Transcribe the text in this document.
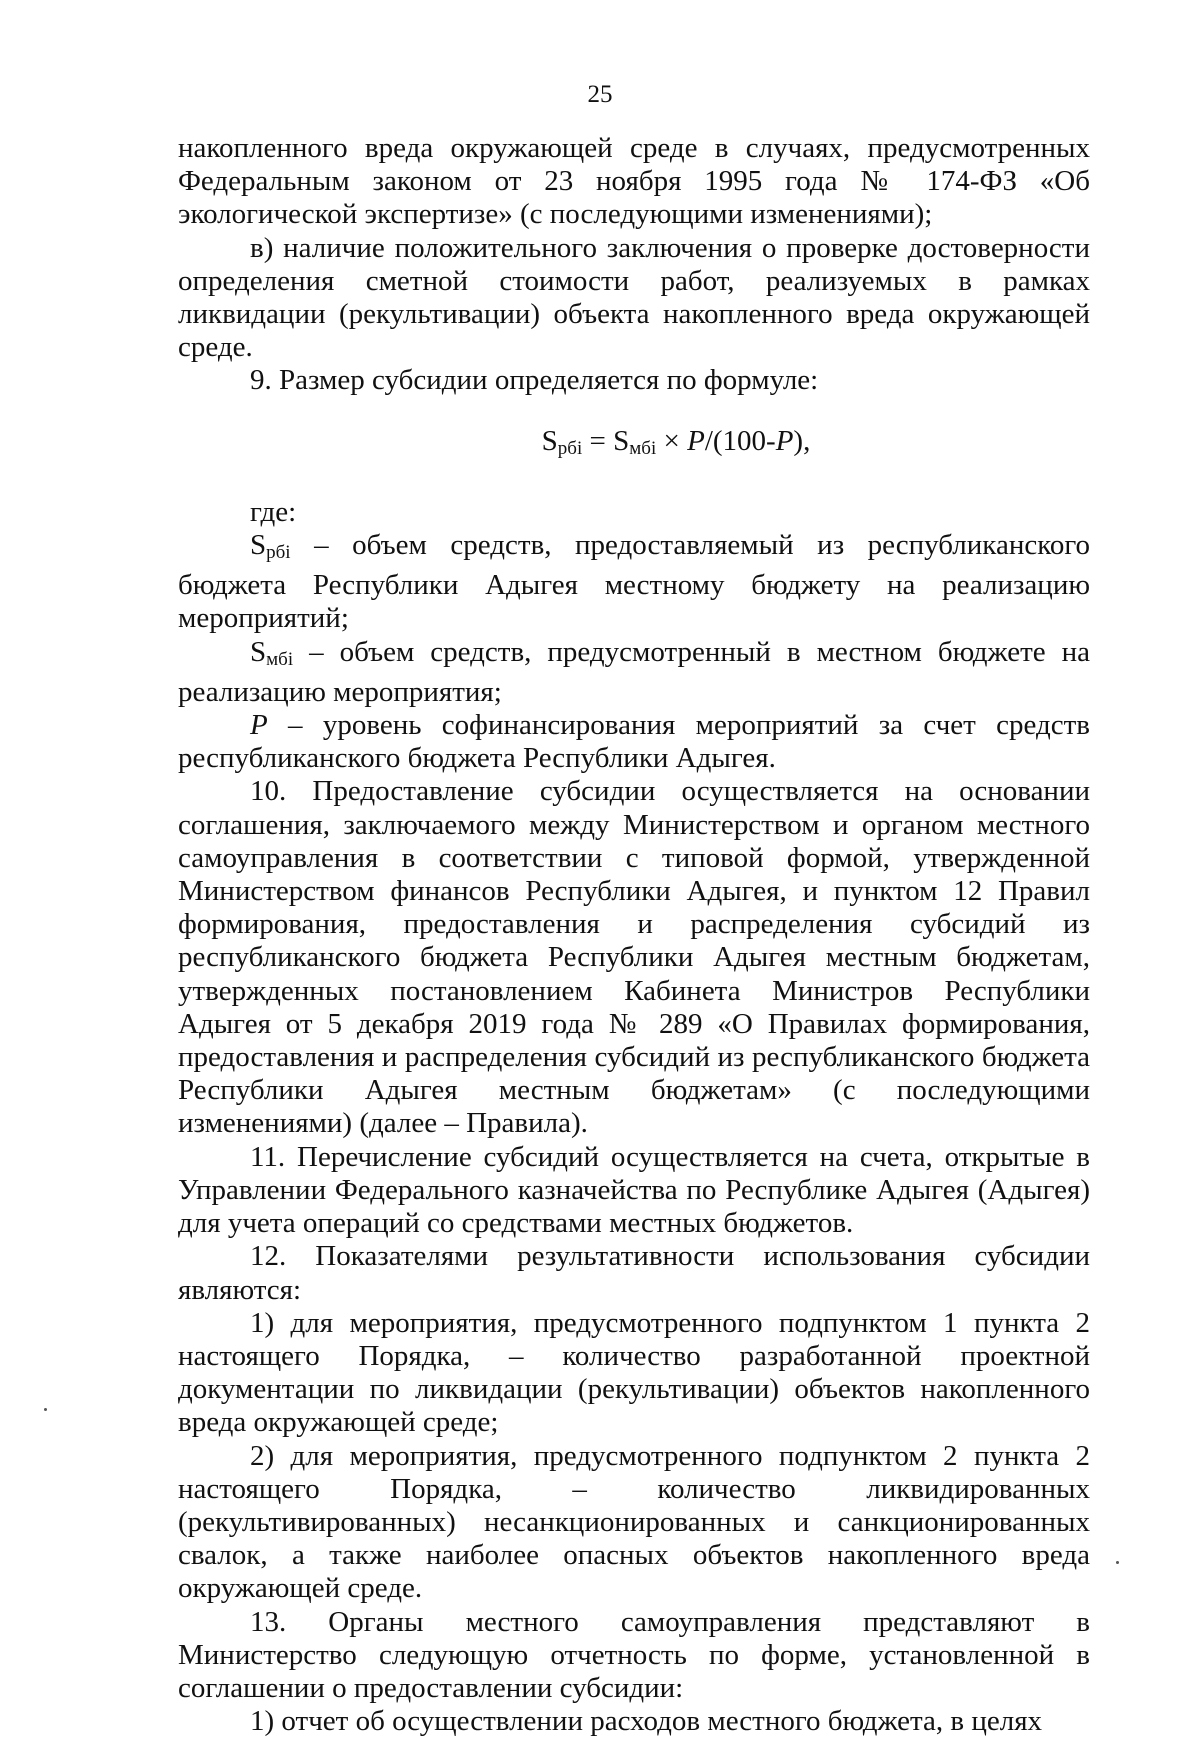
25

накопленного вреда окружающей среде в случаях, предусмотренных Федеральным законом от 23 ноября 1995 года № 174-ФЗ «Об экологической экспертизе» (с последующими изменениями);

в) наличие положительного заключения о проверке достоверности определения сметной стоимости работ, реализуемых в рамках ликвидации (рекультивации) объекта накопленного вреда окружающей среде.

9. Размер субсидии определяется по формуле:

$S_{рбi} = S_{мбi} \times P/(100-P)$,

где:

$S_{рбi}$ – объем средств, предоставляемый из республиканского бюджета Республики Адыгея местному бюджету на реализацию мероприятий;

$S_{мбi}$ – объем средств, предусмотренный в местном бюджете на реализацию мероприятия;

P – уровень софинансирования мероприятий за счет средств республиканского бюджета Республики Адыгея.

10. Предоставление субсидии осуществляется на основании соглашения, заключаемого между Министерством и органом местного самоуправления в соответствии с типовой формой, утвержденной Министерством финансов Республики Адыгея, и пунктом 12 Правил формирования, предоставления и распределения субсидий из республиканского бюджета Республики Адыгея местным бюджетам, утвержденных постановлением Кабинета Министров Республики Адыгея от 5 декабря 2019 года № 289 «О Правилах формирования, предоставления и распределения субсидий из республиканского бюджета Республики Адыгея местным бюджетам» (с последующими изменениями) (далее – Правила).

11. Перечисление субсидий осуществляется на счета, открытые в Управлении Федерального казначейства по Республике Адыгея (Адыгея) для учета операций со средствами местных бюджетов.

12. Показателями результативности использования субсидии являются:

1) для мероприятия, предусмотренного подпунктом 1 пункта 2 настоящего Порядка, – количество разработанной проектной документации по ликвидации (рекультивации) объектов накопленного вреда окружающей среде;

2) для мероприятия, предусмотренного подпунктом 2 пункта 2 настоящего Порядка, – количество ликвидированных (рекультивированных) несанкционированных и санкционированных свалок, а также наиболее опасных объектов накопленного вреда окружающей среде.

13. Органы местного самоуправления представляют в Министерство следующую отчетность по форме, установленной в соглашении о предоставлении субсидии:

1) отчет об осуществлении расходов местного бюджета, в целях
